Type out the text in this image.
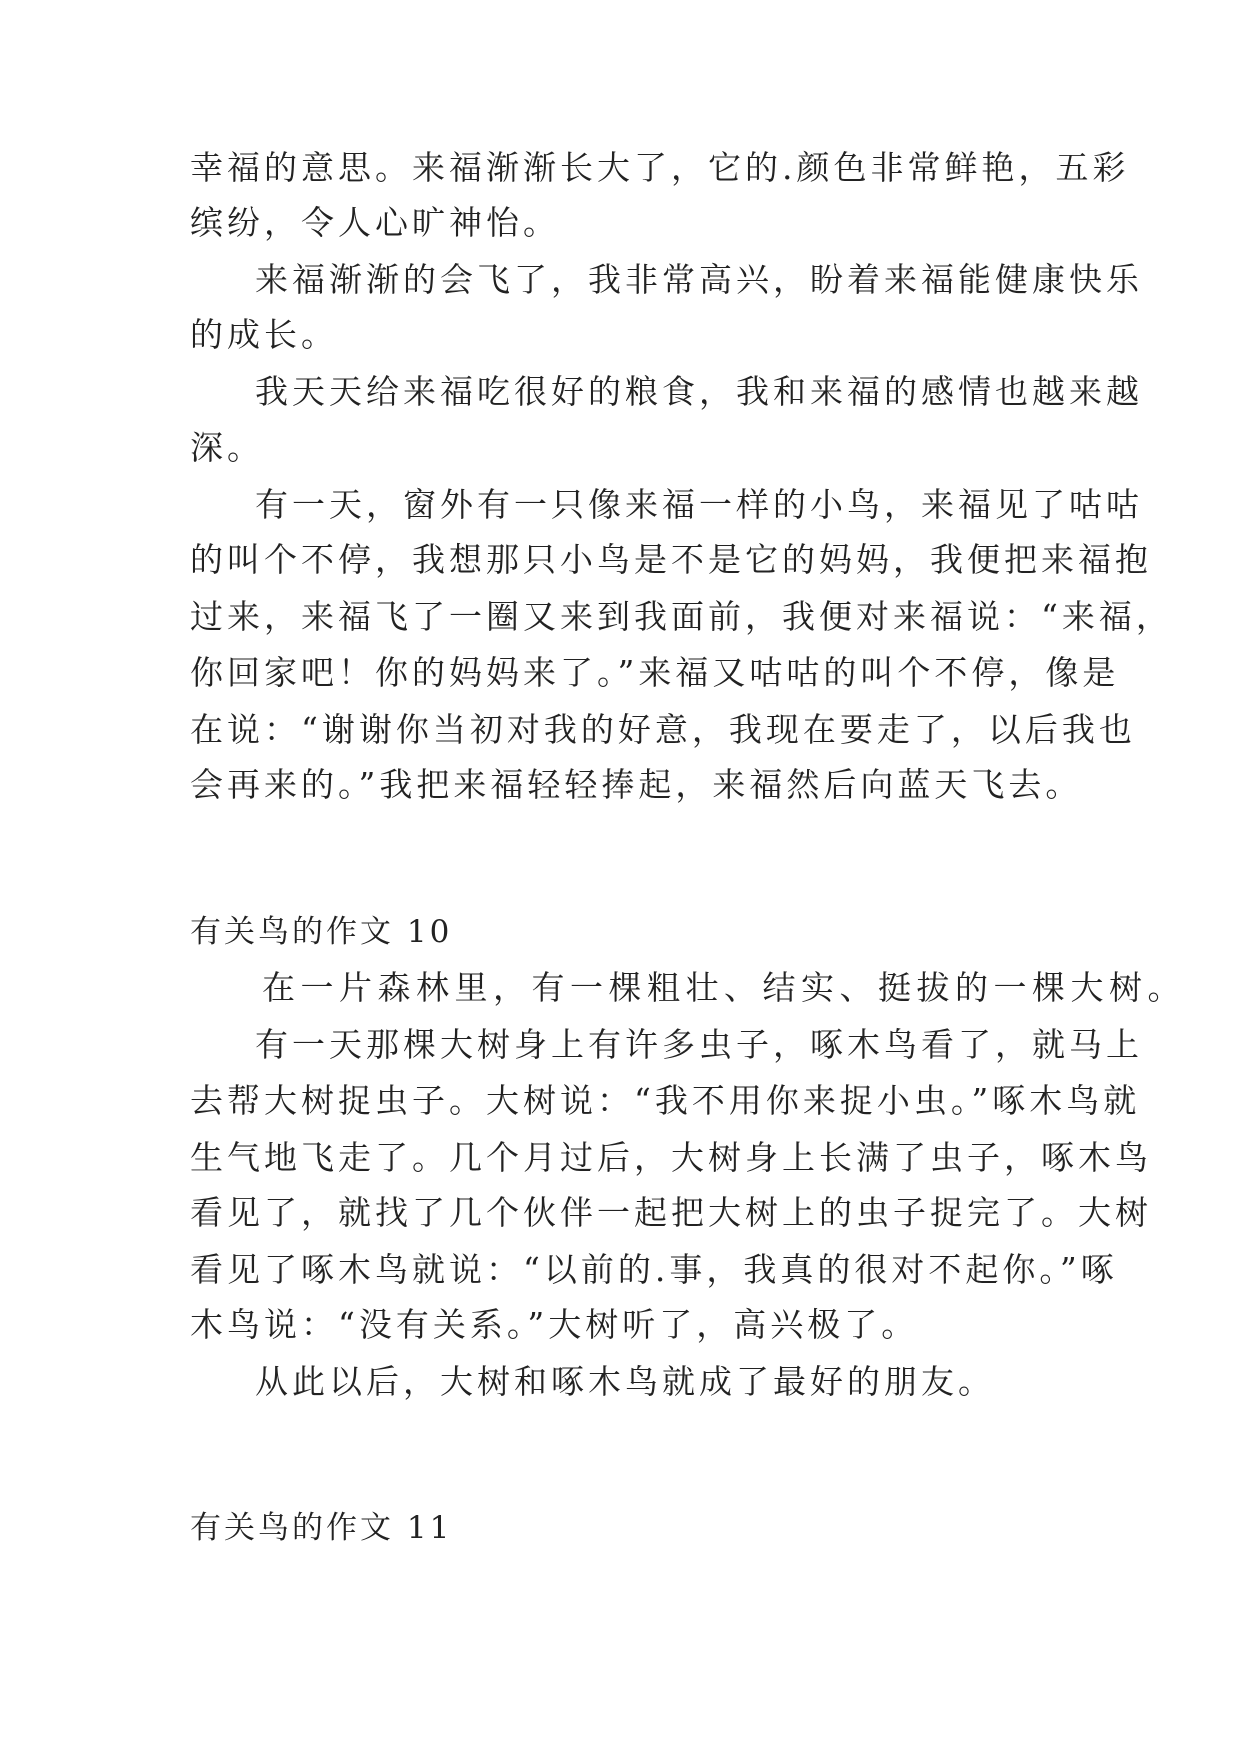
幸福的意思。来福渐渐长大了，它的.颜色非常鲜艳，五彩
缤纷，令人心旷神怡。
来福渐渐的会飞了，我非常高兴，盼着来福能健康快乐
的成长。
我天天给来福吃很好的粮食，我和来福的感情也越来越
深。
有一天，窗外有一只像来福一样的小鸟，来福见了咕咕
的叫个不停，我想那只小鸟是不是它的妈妈，我便把来福抱
过来，来福飞了一圈又来到我面前，我便对来福说：“来福，
你回家吧！你的妈妈来了。”来福又咕咕的叫个不停，像是
在说：“谢谢你当初对我的好意，我现在要走了，以后我也
会再来的。”我把来福轻轻捧起，来福然后向蓝天飞去。
有关鸟的作文 10
在一片森林里，有一棵粗壮、结实、挺拔的一棵大树。
有一天那棵大树身上有许多虫子，啄木鸟看了，就马上
去帮大树捉虫子。大树说：“我不用你来捉小虫。”啄木鸟就
生气地飞走了。几个月过后，大树身上长满了虫子，啄木鸟
看见了，就找了几个伙伴一起把大树上的虫子捉完了。大树
看见了啄木鸟就说：“以前的.事，我真的很对不起你。”啄
木鸟说：“没有关系。”大树听了，高兴极了。
从此以后，大树和啄木鸟就成了最好的朋友。
有关鸟的作文 11
